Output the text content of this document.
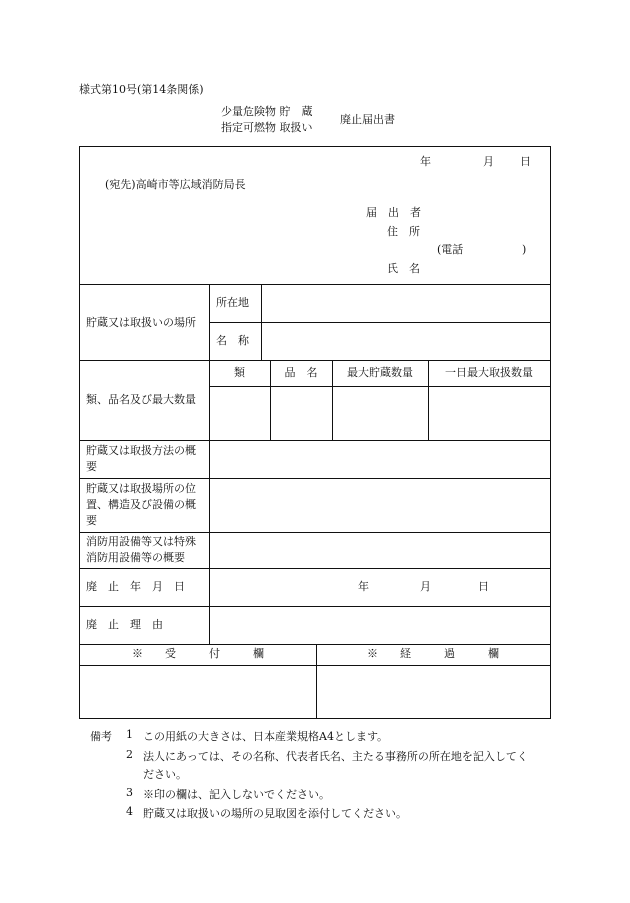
様式第10号(第14条関係)
少量危険物 貯　蔵
指定可燃物 取扱い
廃止届出書
年	月 日
(宛先)高崎市等広域消防局長
届　出　者
住　所
(電話	)
氏　名
貯蔵又は取扱いの場所
所在地
名　称
類、品名及び最大数量
類	品　名	最大貯蔵数量	一日最大取扱数量
貯蔵又は取扱方法の概要
貯蔵又は取扱場所の位置、構造及び設備の概要
消防用設備等又は特殊消防用設備等の概要
廃　止　年　月　日	年	月	日
廃　止　理　由
※　　受　　　付　　　欄	※　　経　　　過　　　欄
備考 1 この用紙の大きさは、日本産業規格A4とします。
2 法人にあっては、その名称、代表者氏名、主たる事務所の所在地を記入してく
ださい。
3 ※印の欄は、記入しないでください。
4 貯蔵又は取扱いの場所の見取図を添付してください。
